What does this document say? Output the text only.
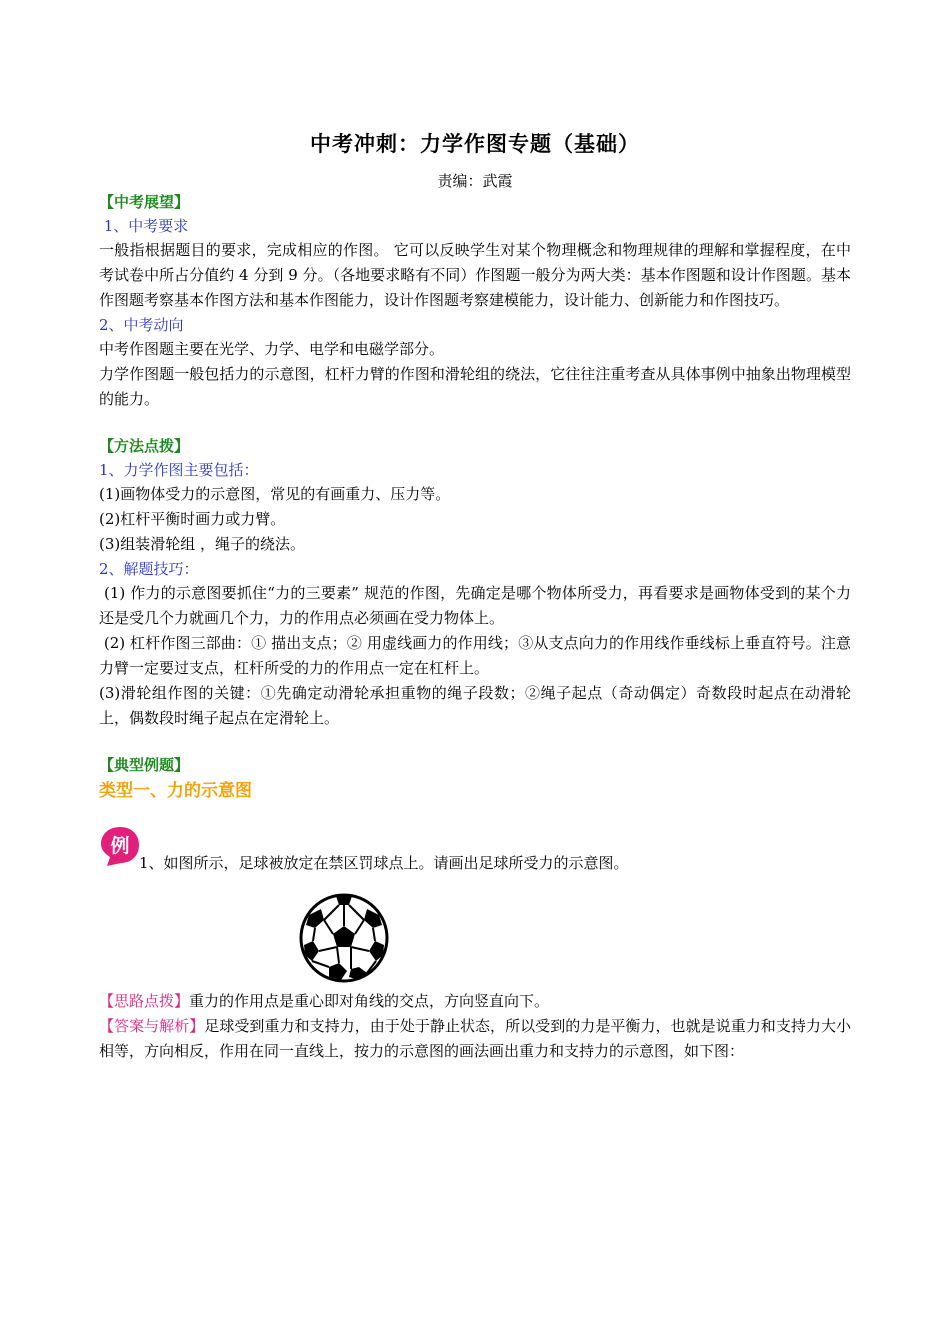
中考冲刺：力学作图专题（基础）
责编：武霞
【中考展望】
1、中考要求
一般指根据题目的要求，完成相应的作图。 它可以反映学生对某个物理概念和物理规律的理解和掌握程度，在中考试卷中所占分值约 4 分到 9 分。（各地要求略有不同）作图题一般分为两大类：基本作图题和设计作图题。基本作图题考察基本作图方法和基本作图能力，设计作图题考察建模能力，设计能力、创新能力和作图技巧。
2、中考动向
中考作图题主要在光学、力学、电学和电磁学部分。
力学作图题一般包括力的示意图，杠杆力臂的作图和滑轮组的绕法，它往往注重考查从具体事例中抽象出物理模型的能力。
【方法点拨】
1、力学作图主要包括：
(1)画物体受力的示意图，常见的有画重力、压力等。
(2)杠杆平衡时画力或力臂。
(3)组装滑轮组 ，绳子的绕法。
2、解题技巧：
(1) 作力的示意图要抓住“力的三要素” 规范的作图，先确定是哪个物体所受力，再看要求是画物体受到的某个力还是受几个力就画几个力，力的作用点必须画在受力物体上。
(2) 杠杆作图三部曲：① 描出支点；② 用虚线画力的作用线；③从支点向力的作用线作垂线标上垂直符号。注意力臂一定要过支点，杠杆所受的力的作用点一定在杠杆上。
(3)滑轮组作图的关键：①先确定动滑轮承担重物的绳子段数；②绳子起点（奇动偶定）奇数段时起点在动滑轮上，偶数段时绳子起点在定滑轮上。
【典型例题】
类型一、力的示意图
例
1、如图所示，足球被放定在禁区罚球点上。请画出足球所受力的示意图。
【思路点拨】重力的作用点是重心即对角线的交点，方向竖直向下。
【答案与解析】足球受到重力和支持力，由于处于静止状态，所以受到的力是平衡力，也就是说重力和支持力大小相等，方向相反，作用在同一直线上，按力的示意图的画法画出重力和支持力的示意图，如下图：
